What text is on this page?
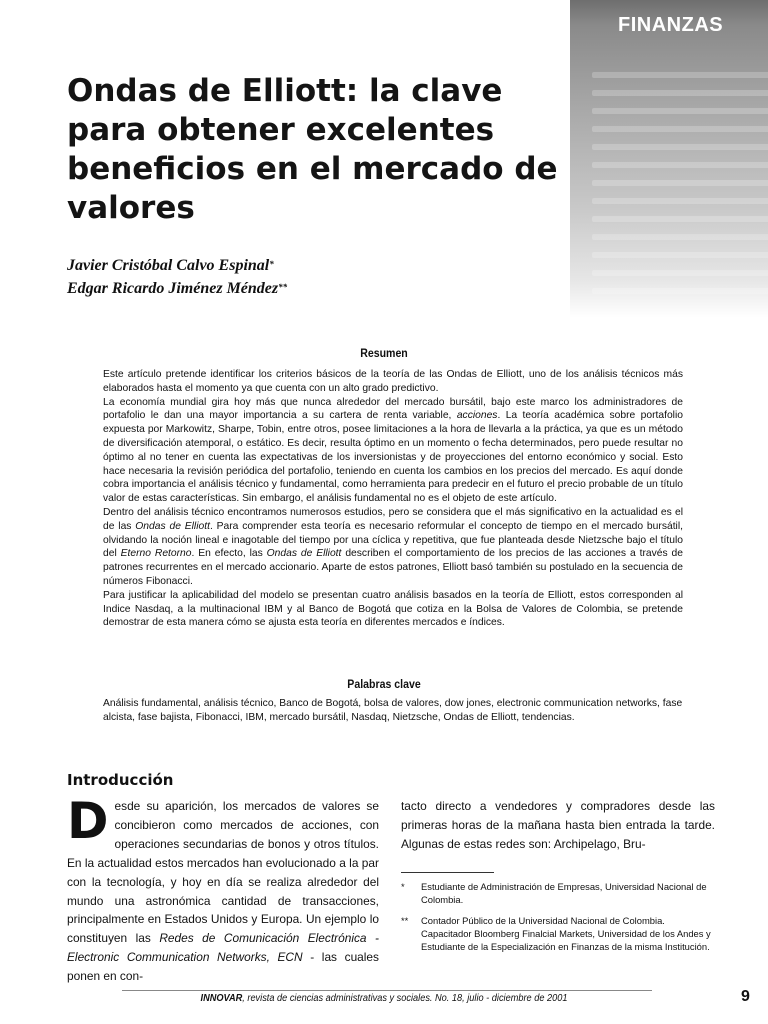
FINANZAS
Ondas de Elliott: la clave para obtener excelentes beneficios en el mercado de valores
Javier Cristóbal Calvo Espinal*
Edgar Ricardo Jiménez Méndez**
Resumen

Este artículo pretende identificar los criterios básicos de la teoría de las Ondas de Elliott, uno de los análisis técnicos más elaborados hasta el momento ya que cuenta con un alto grado predictivo.

La economía mundial gira hoy más que nunca alrededor del mercado bursátil, bajo este marco los administradores de portafolio le dan una mayor importancia a su cartera de renta variable, acciones. La teoría académica sobre portafolio expuesta por Markowitz, Sharpe, Tobin, entre otros, posee limitaciones a la hora de llevarla a la práctica, ya que es un método de diversificación atemporal, o estático. Es decir, resulta óptimo en un momento o fecha determinados, pero puede resultar no óptimo al no tener en cuenta las expectativas de los inversionistas y de proyecciones del entorno económico y social. Esto hace necesaria la revisión periódica del portafolio, teniendo en cuenta los cambios en los precios del mercado. Es aquí donde cobra importancia el análisis técnico y fundamental, como herramienta para predecir en el futuro el precio probable de un título valor de estas características. Sin embargo, el análisis fundamental no es el objeto de este artículo.

Dentro del análisis técnico encontramos numerosos estudios, pero se considera que el más significativo en la actualidad es el de las Ondas de Elliott. Para comprender esta teoría es necesario reformular el concepto de tiempo en el mercado bursátil, olvidando la noción lineal e inagotable del tiempo por una cíclica y repetitiva, que fue planteada desde Nietzsche bajo el título del Eterno Retorno. En efecto, las Ondas de Elliott describen el comportamiento de los precios de las acciones a través de patrones recurrentes en el mercado accionario. Aparte de estos patrones, Elliott basó también su postulado en la secuencia de números Fibonacci.

Para justificar la aplicabilidad del modelo se presentan cuatro análisis basados en la teoría de Elliott, estos corresponden al Indice Nasdaq, a la multinacional IBM y al Banco de Bogotá que cotiza en la Bolsa de Valores de Colombia, se pretende demostrar de esta manera cómo se ajusta esta teoría en diferentes mercados e índices.

Palabras clave

Análisis fundamental, análisis técnico, Banco de Bogotá, bolsa de valores, dow jones, electronic communication networks, fase alcista, fase bajista, Fibonacci, IBM, mercado bursátil, Nasdaq, Nietzsche, Ondas de Elliott, tendencias.

Introducción

Desde su aparición, los mercados de valores se concibieron como mercados de acciones, con operaciones secundarias de bonos y otros títulos. En la actualidad estos mercados han evolucionado a la par con la tecnología, y hoy en día se realiza alrededor del mundo una astronómica cantidad de transacciones, principalmente en Estados Unidos y Europa. Un ejemplo lo constituyen las Redes de Comunicación Electrónica - Electronic Communication Networks, ECN - las cuales ponen en con-

tacto directo a vendedores y compradores desde las primeras horas de la mañana hasta bien entrada la tarde. Algunas de estas redes son: Archipelago, Bru-

* Estudiante de Administración de Empresas, Universidad Nacional de Colombia.
** Contador Público de la Universidad Nacional de Colombia. Capacitador Bloomberg Finalcial Markets, Universidad de los Andes y Estudiante de la Especialización en Finanzas de la misma Institución.
INNOVAR, revista de ciencias administrativas y sociales. No. 18, julio - diciembre de 2001	9
